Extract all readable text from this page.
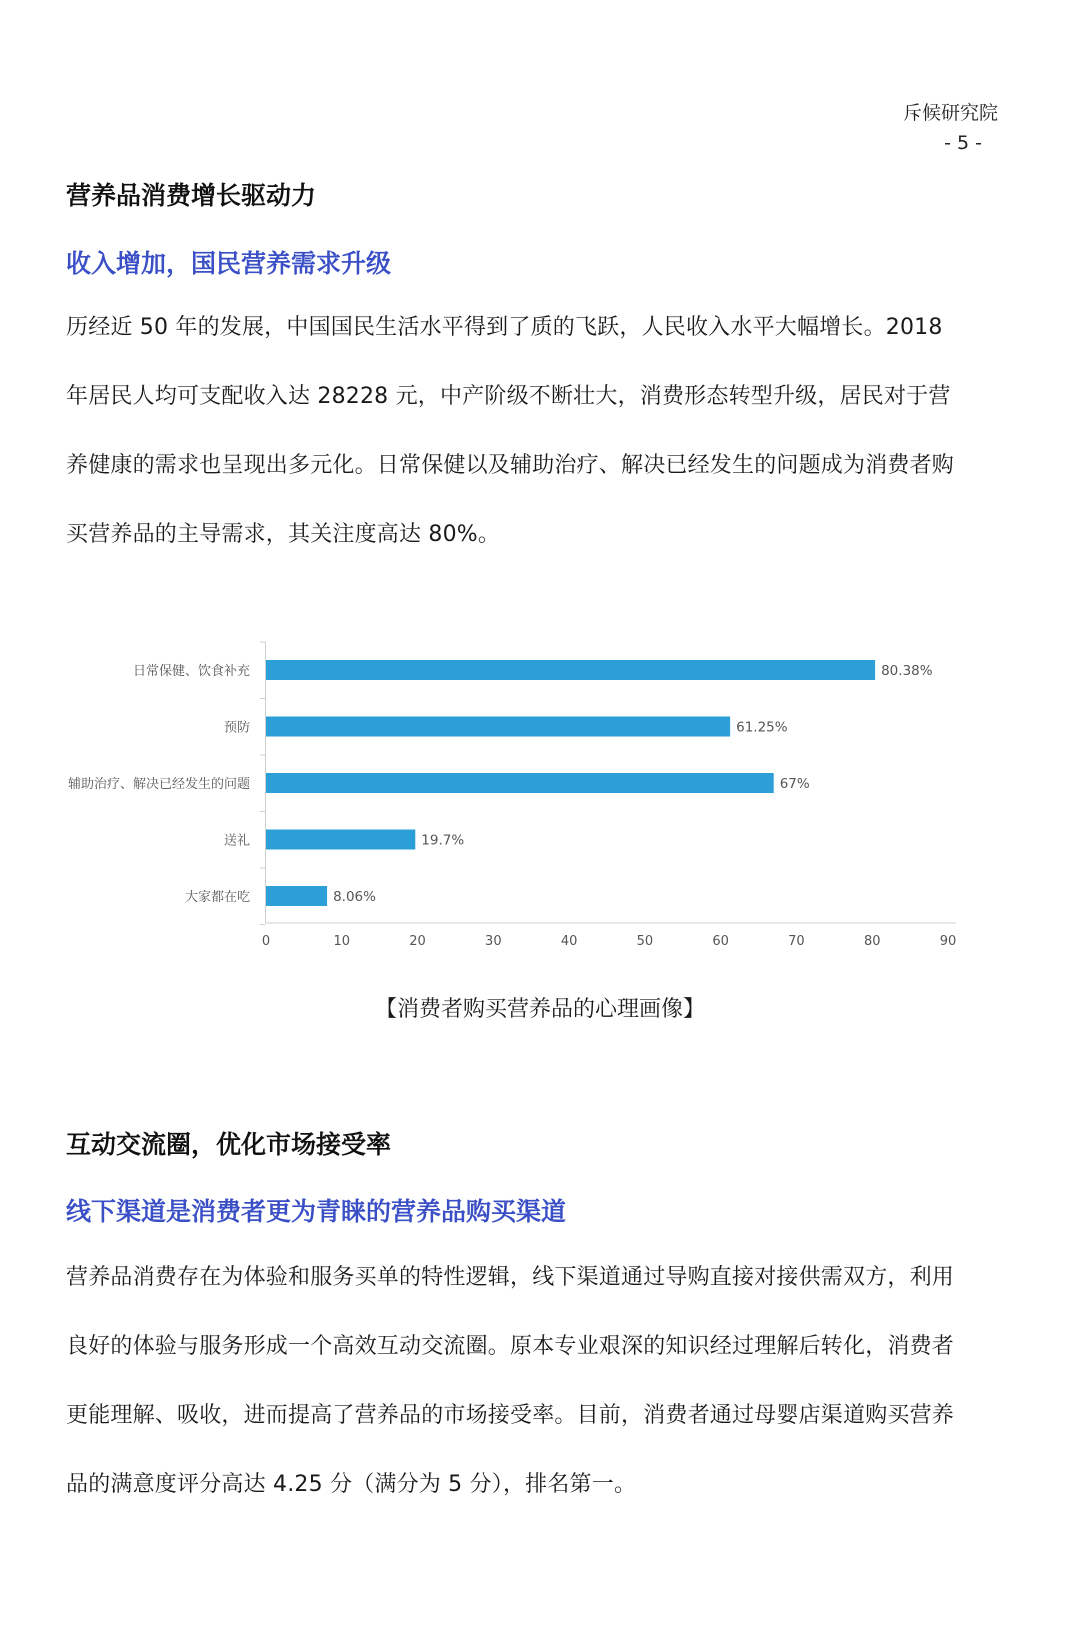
斥候研究院
- 5 -
营养品消费增长驱动力
收入增加，国民营养需求升级
历经近 50 年的发展，中国国民生活水平得到了质的飞跃，人民收入水平大幅增长。2018
年居民人均可支配收入达 28228 元，中产阶级不断壮大，消费形态转型升级，居民对于营
养健康的需求也呈现出多元化。日常保健以及辅助治疗、解决已经发生的问题成为消费者购
买营养品的主导需求，其关注度高达 80%。
日常保健、饮食补充	80.38%
预防	61.25%
辅助治疗、解决已经发生的问题	67%
送礼	19.7%
大家都在吃	8.06%
0	10	20	30	40	50	60	70	80	90
【消费者购买营养品的心理画像】
互动交流圈，优化市场接受率
线下渠道是消费者更为青睐的营养品购买渠道
营养品消费存在为体验和服务买单的特性逻辑，线下渠道通过导购直接对接供需双方，利用
良好的体验与服务形成一个高效互动交流圈。原本专业艰深的知识经过理解后转化，消费者
更能理解、吸收，进而提高了营养品的市场接受率。目前，消费者通过母婴店渠道购买营养
品的满意度评分高达 4.25 分（满分为 5 分），排名第一。
